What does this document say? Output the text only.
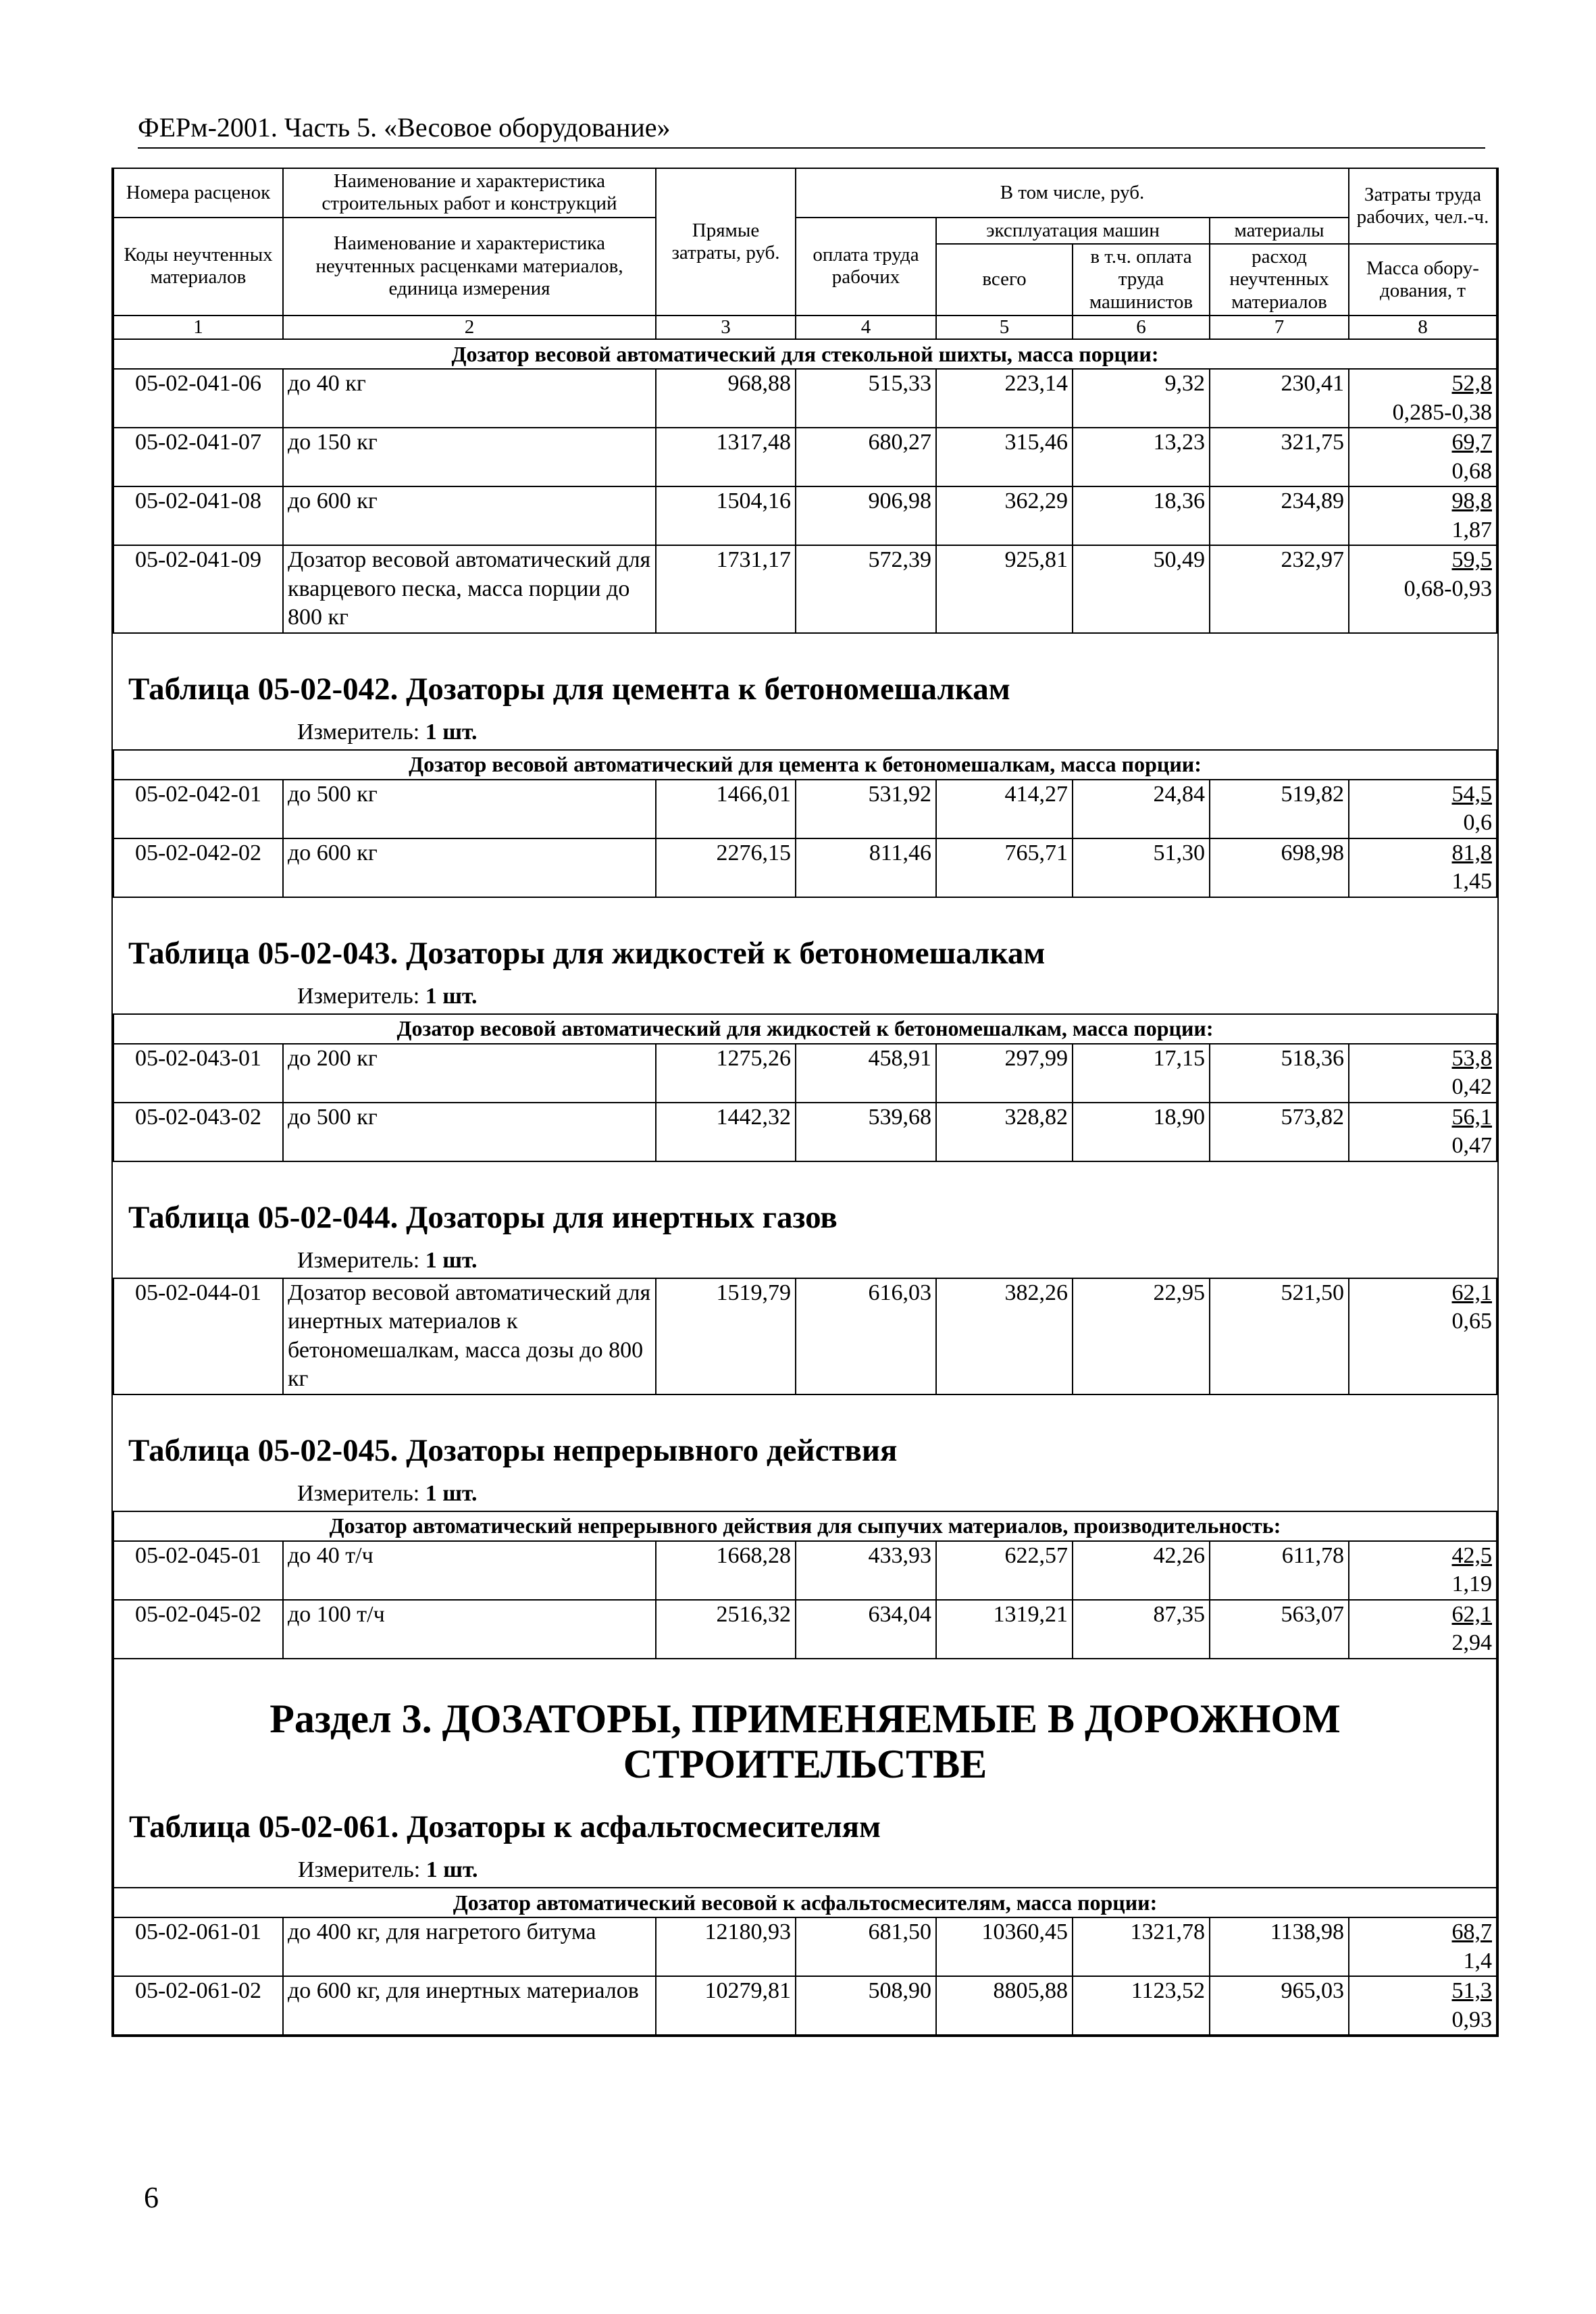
ФЕРм-2001. Часть 5. «Весовое оборудование»
Номера расценок	Наименование и характеристика строительных работ и конструкций	Прямые затраты, руб.	В том числе, руб.				Затраты труда рабочих, чел.-ч.
Коды неучтенных материалов	Наименование и характеристика неучтенных расценками материалов, единица измерения		оплата труда рабочих	эксплуатация машин		материалы	
				всего	в т.ч. оплата труда машинистов	расход неучтенных материалов	
							Масса обору-дования, т
1	2	3	4	5	6	7	8
Дозатор весовой автоматический для стекольной шихты, масса порции:							
05-02-041-06	до 40 кг	968,88	515,33	223,14	9,32	230,41	52,8
0,285-0,38

05-02-041-07	до 150 кг	1317,48	680,27	315,46	13,23	321,75	69,7
0,68

05-02-041-08	до 600 кг	1504,16	906,98	362,29	18,36	234,89	98,8
1,87

05-02-041-09	Дозатор весовой автоматический для кварцевого песка, масса порции до 800 кг	1731,17	572,39	925,81	50,49	232,97	59,5
0,68-0,93

Таблица 05-02-042. Дозаторы для цемента к бетономешалкам
Измеритель: 1 шт.							

Дозатор весовой автоматический для цемента к бетономешалкам, масса порции:							
05-02-042-01	до 500 кг	1466,01	531,92	414,27	24,84	519,82	54,5
0,6

05-02-042-02	до 600 кг	2276,15	811,46	765,71	51,30	698,98	81,8
1,45

Таблица 05-02-043. Дозаторы для жидкостей к бетономешалкам
Измеритель: 1 шт.							

Дозатор весовой автоматический для жидкостей к бетономешалкам, масса порции:							
05-02-043-01	до 200 кг	1275,26	458,91	297,99	17,15	518,36	53,8
0,42

05-02-043-02	до 500 кг	1442,32	539,68	328,82	18,90	573,82	56,1
0,47

Таблица 05-02-044. Дозаторы для инертных газов
Измеритель: 1 шт.							

05-02-044-01	Дозатор весовой автоматический для инертных материалов к бетономешалкам, масса дозы до 800 кг	1519,79	616,03	382,26	22,95	521,50	62,1
0,65

Таблица 05-02-045. Дозаторы непрерывного действия
Измеритель: 1 шт.							

Дозатор автоматический непрерывного действия для сыпучих материалов, производительность:							
05-02-045-01	до 40 т/ч	1668,28	433,93	622,57	42,26	611,78	42,5
1,19

05-02-045-02	до 100 т/ч	2516,32	634,04	1319,21	87,35	563,07	62,1
2,94

Раздел 3. ДОЗАТОРЫ, ПРИМЕНЯЕМЫЕ В ДОРОЖНОМ
СТРОИТЕЛЬСТВЕ
Таблица 05-02-061. Дозаторы к асфальтосмесителям
Измеритель: 1 шт.							

Дозатор автоматический весовой к асфальтосмесителям, масса порции:							
05-02-061-01	до 400 кг, для нагретого битума	12180,93	681,50	10360,45	1321,78	1138,98	68,7
1,4

05-02-061-02	до 600 кг, для инертных материалов	10279,81	508,90	8805,88	1123,52	965,03	51,3
0,93
6
